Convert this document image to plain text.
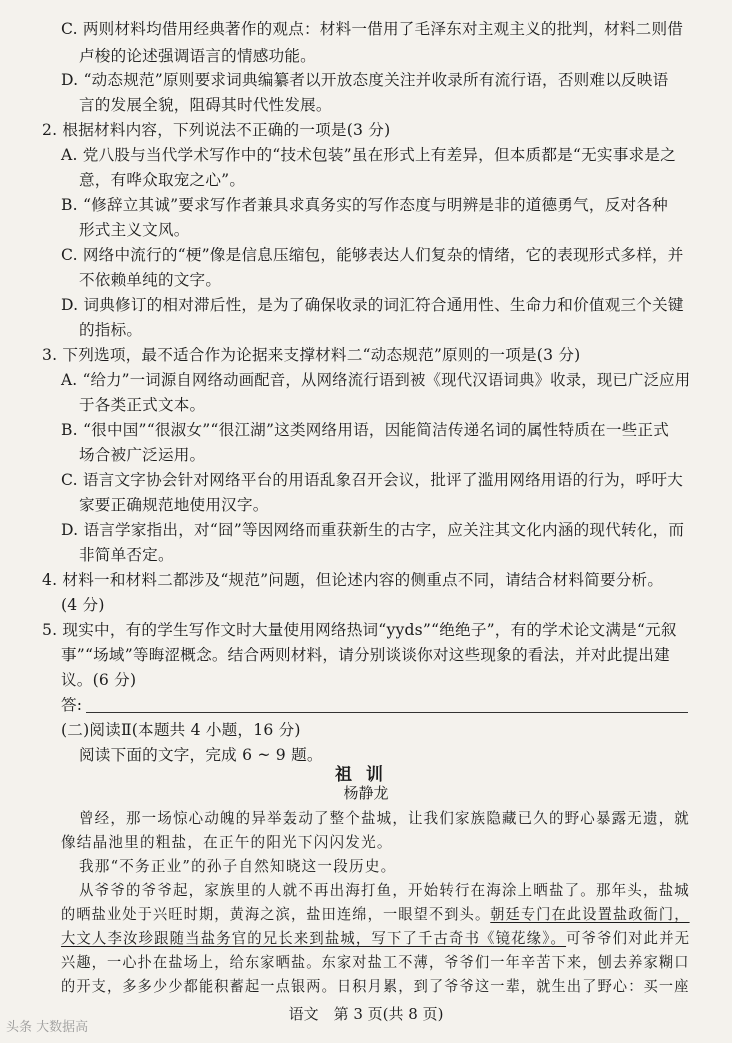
C. 两则材料均借用经典著作的观点：材料一借用了毛泽东对主观主义的批判，材料二则借
卢梭的论述强调语言的情感功能。
D. “动态规范”原则要求词典编纂者以开放态度关注并收录所有流行语，否则难以反映语
言的发展全貌，阻碍其时代性发展。
2. 根据材料内容，下列说法不正确的一项是(3 分)
A. 党八股与当代学术写作中的“技术包装”虽在形式上有差异，但本质都是“无实事求是之
意，有哗众取宠之心”。
B. “修辞立其诚”要求写作者兼具求真务实的写作态度与明辨是非的道德勇气，反对各种
形式主义文风。
C. 网络中流行的“梗”像是信息压缩包，能够表达人们复杂的情绪，它的表现形式多样，并
不依赖单纯的文字。
D. 词典修订的相对滞后性，是为了确保收录的词汇符合通用性、生命力和价值观三个关键
的指标。
3. 下列选项，最不适合作为论据来支撑材料二“动态规范”原则的一项是(3 分)
A. “给力”一词源自网络动画配音，从网络流行语到被《现代汉语词典》收录，现已广泛应用
于各类正式文本。
B. “很中国”“很淑女”“很江湖”这类网络用语，因能简洁传递名词的属性特质在一些正式
场合被广泛运用。
C. 语言文字协会针对网络平台的用语乱象召开会议，批评了滥用网络用语的行为，呼吁大
家要正确规范地使用汉字。
D. 语言学家指出，对“囧”等因网络而重获新生的古字，应关注其文化内涵的现代转化，而
非简单否定。
4. 材料一和材料二都涉及“规范”问题，但论述内容的侧重点不同，请结合材料简要分析。
(4 分)
5. 现实中，有的学生写作文时大量使用网络热词“yyds”“绝绝子”，有的学术论文满是“元叙
事”“场域”等晦涩概念。结合两则材料，请分别谈谈你对这些现象的看法，并对此提出建
议。(6 分)
答:
(二)阅读Ⅱ(本题共 4 小题，16 分)
阅读下面的文字，完成 6 ~ 9 题。
祖训
杨静龙
曾经，那一场惊心动魄的异举轰动了整个盐城，让我们家族隐藏已久的野心暴露无遗，就
像结晶池里的粗盐，在正午的阳光下闪闪发光。
我那“不务正业”的孙子自然知晓这一段历史。
从爷爷的爷爷起，家族里的人就不再出海打鱼，开始转行在海涂上晒盐了。那年头，盐城
的晒盐业处于兴旺时期，黄海之滨，盐田连绵，一眼望不到头。朝廷专门在此设置盐政衙门，
大文人李汝珍跟随当盐务官的兄长来到盐城，写下了千古奇书《镜花缘》。可爷爷们对此并无
兴趣，一心扑在盐场上，给东家晒盐。东家对盐工不薄，爷爷们一年辛苦下来，刨去养家糊口
的开支，多多少少都能积蓄起一点银两。日积月累，到了爷爷这一辈，就生出了野心：买一座
语文　第 3 页(共 8 页)
头条 大数据高
